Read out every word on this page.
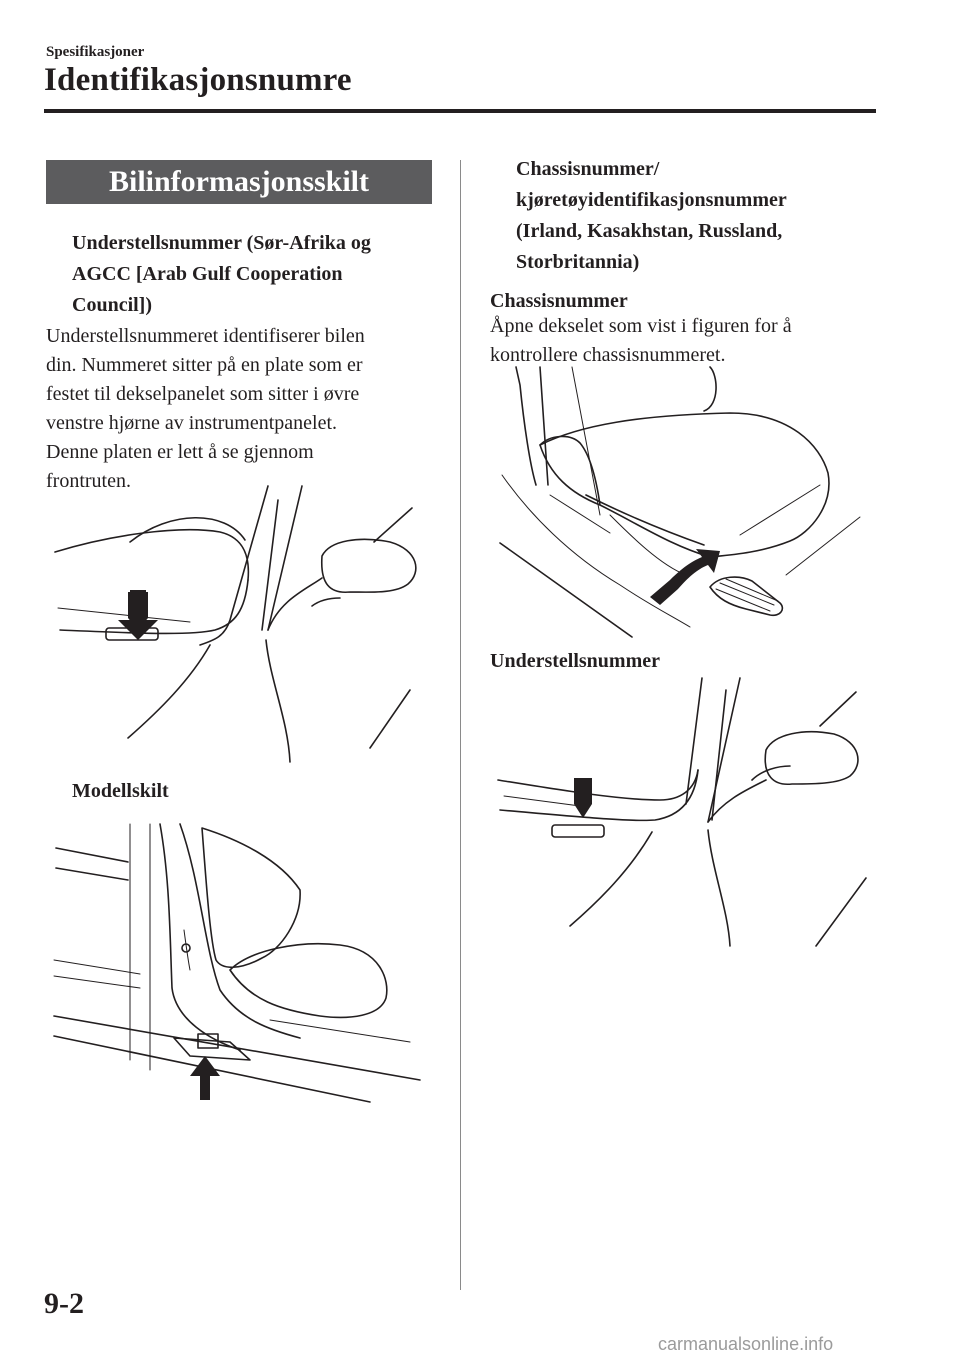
Spesifikasjoner
Identifikasjonsnumre
Bilinformasjonsskilt
Understellsnummer (Sør-Afrika og
AGCC [Arab Gulf Cooperation
Council])
Understellsnummeret identifiserer bilen
din. Nummeret sitter på en plate som er
festet til dekselpanelet som sitter i øvre
venstre hjørne av instrumentpanelet.
Denne platen er lett å se gjennom
frontruten.
Modellskilt
Chassisnummer/
kjøretøyidentifikasjonsnummer
(Irland, Kasakhstan, Russland,
Storbritannia)
Chassisnummer
Åpne dekselet som vist i figuren for å
kontrollere chassisnummeret.
Understellsnummer
9-2
carmanualsonline.info
